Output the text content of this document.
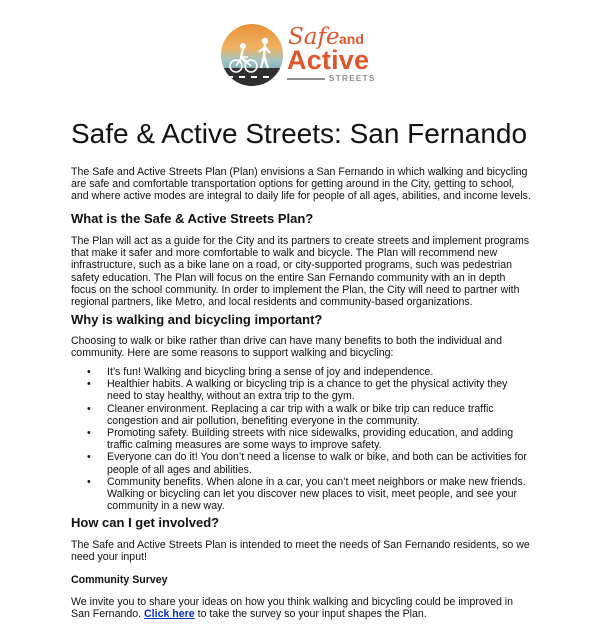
Safe and
Active
STREETS
Safe & Active Streets: San Fernando
The Safe and Active Streets Plan (Plan) envisions a San Fernando in which walking and bicycling are safe and comfortable transportation options for getting around in the City, getting to school, and where active modes are integral to daily life for people of all ages, abilities, and income levels.
What is the Safe & Active Streets Plan?
The Plan will act as a guide for the City and its partners to create streets and implement programs that make it safer and more comfortable to walk and bicycle. The Plan will recommend new infrastructure, such as a bike lane on a road, or city-supported programs, such was pedestrian safety education. The Plan will focus on the entire San Fernando community with an in depth focus on the school community. In order to implement the Plan, the City will need to partner with regional partners, like Metro, and local residents and community-based organizations.
Why is walking and bicycling important?
Choosing to walk or bike rather than drive can have many benefits to both the individual and community. Here are some reasons to support walking and bicycling:
• It’s fun! Walking and bicycling bring a sense of joy and independence.
• Healthier habits. A walking or bicycling trip is a chance to get the physical activity they need to stay healthy, without an extra trip to the gym.
• Cleaner environment. Replacing a car trip with a walk or bike trip can reduce traffic congestion and air pollution, benefiting everyone in the community.
• Promoting safety. Building streets with nice sidewalks, providing education, and adding traffic calming measures are some ways to improve safety.
• Everyone can do it! You don’t need a license to walk or bike, and both can be activities for people of all ages and abilities.
• Community benefits. When alone in a car, you can’t meet neighbors or make new friends. Walking or bicycling can let you discover new places to visit, meet people, and see your community in a new way.
How can I get involved?
The Safe and Active Streets Plan is intended to meet the needs of San Fernando residents, so we need your input!
Community Survey
We invite you to share your ideas on how you think walking and bicycling could be improved in San Fernando. Click here to take the survey so your input shapes the Plan.
